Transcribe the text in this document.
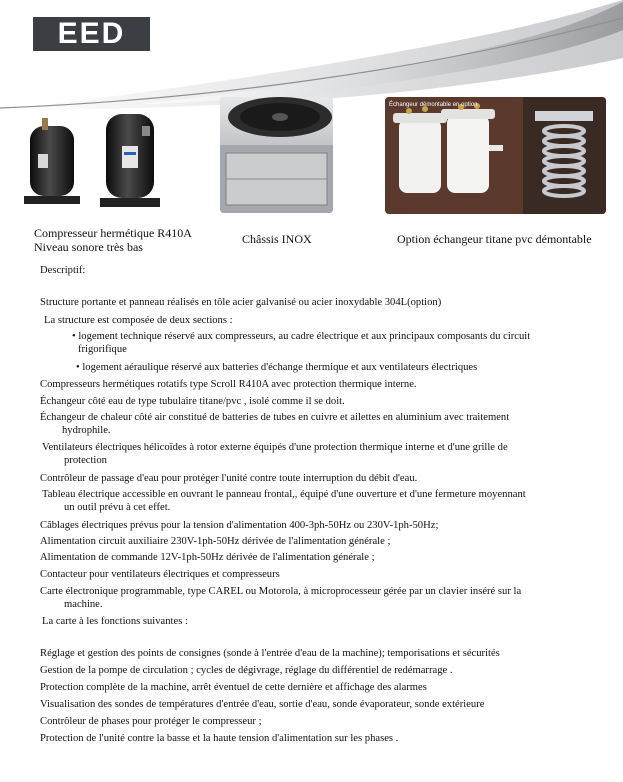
EED
Échangeur démontable en option
Compresseur hermétique R410A
Niveau sonore très bas
Châssis INOX	Option échangeur titane pvc démontable
Descriptif:
Structure portante et panneau réalisés en tôle acier galvanisé ou acier inoxydable 304L(option)
La structure est composée de deux sections :
• logement technique réservé aux compresseurs, au cadre électrique et aux principaux composants du circuit
frigorifique
• logement aéraulique réservé aux batteries d'échange thermique et aux ventilateurs électriques
Compresseurs hermétiques rotatifs type Scroll R410A avec protection thermique interne.
Échangeur côté eau de type tubulaire titane/pvc , isolé comme il se doit.
Échangeur de chaleur côté air constitué de batteries de tubes en cuivre et ailettes en aluminium avec traitement
hydrophile.
Ventilateurs électriques hélicoïdes à rotor externe équipés d'une protection thermique interne et d'une grille de
protection
Contrôleur de passage d'eau pour protéger l'unité contre toute interruption du débit d'eau.
Tableau électrique accessible en ouvrant le panneau frontal,, équipé d'une ouverture et d'une fermeture moyennant
un outil prévu à cet effet.
Câblages électriques prévus pour la tension d'alimentation 400-3ph-50Hz ou 230V-1ph-50Hz;
Alimentation circuit auxiliaire 230V-1ph-50Hz dérivée de l'alimentation générale ;
Alimentation de commande 12V-1ph-50Hz dérivée de l'alimentation générale ;
Contacteur pour ventilateurs électriques et compresseurs
Carte électronique programmable, type CAREL ou Motorola, à microprocesseur gérée par un clavier inséré sur la
machine.
La carte à les fonctions suivantes :
Réglage et gestion des points de consignes (sonde à l'entrée d'eau de la machine); temporisations et sécurités
Gestion de la pompe de circulation ; cycles de dégivrage, réglage du différentiel de redémarrage .
Protection complète de la machine, arrêt éventuel de cette dernière et affichage des alarmes
Visualisation des sondes de températures d'entrée d'eau, sortie d'eau, sonde évaporateur, sonde extérieure
Contrôleur de phases pour protéger le compresseur ;
Protection de l'unité contre la basse et la haute tension d'alimentation sur les phases .
